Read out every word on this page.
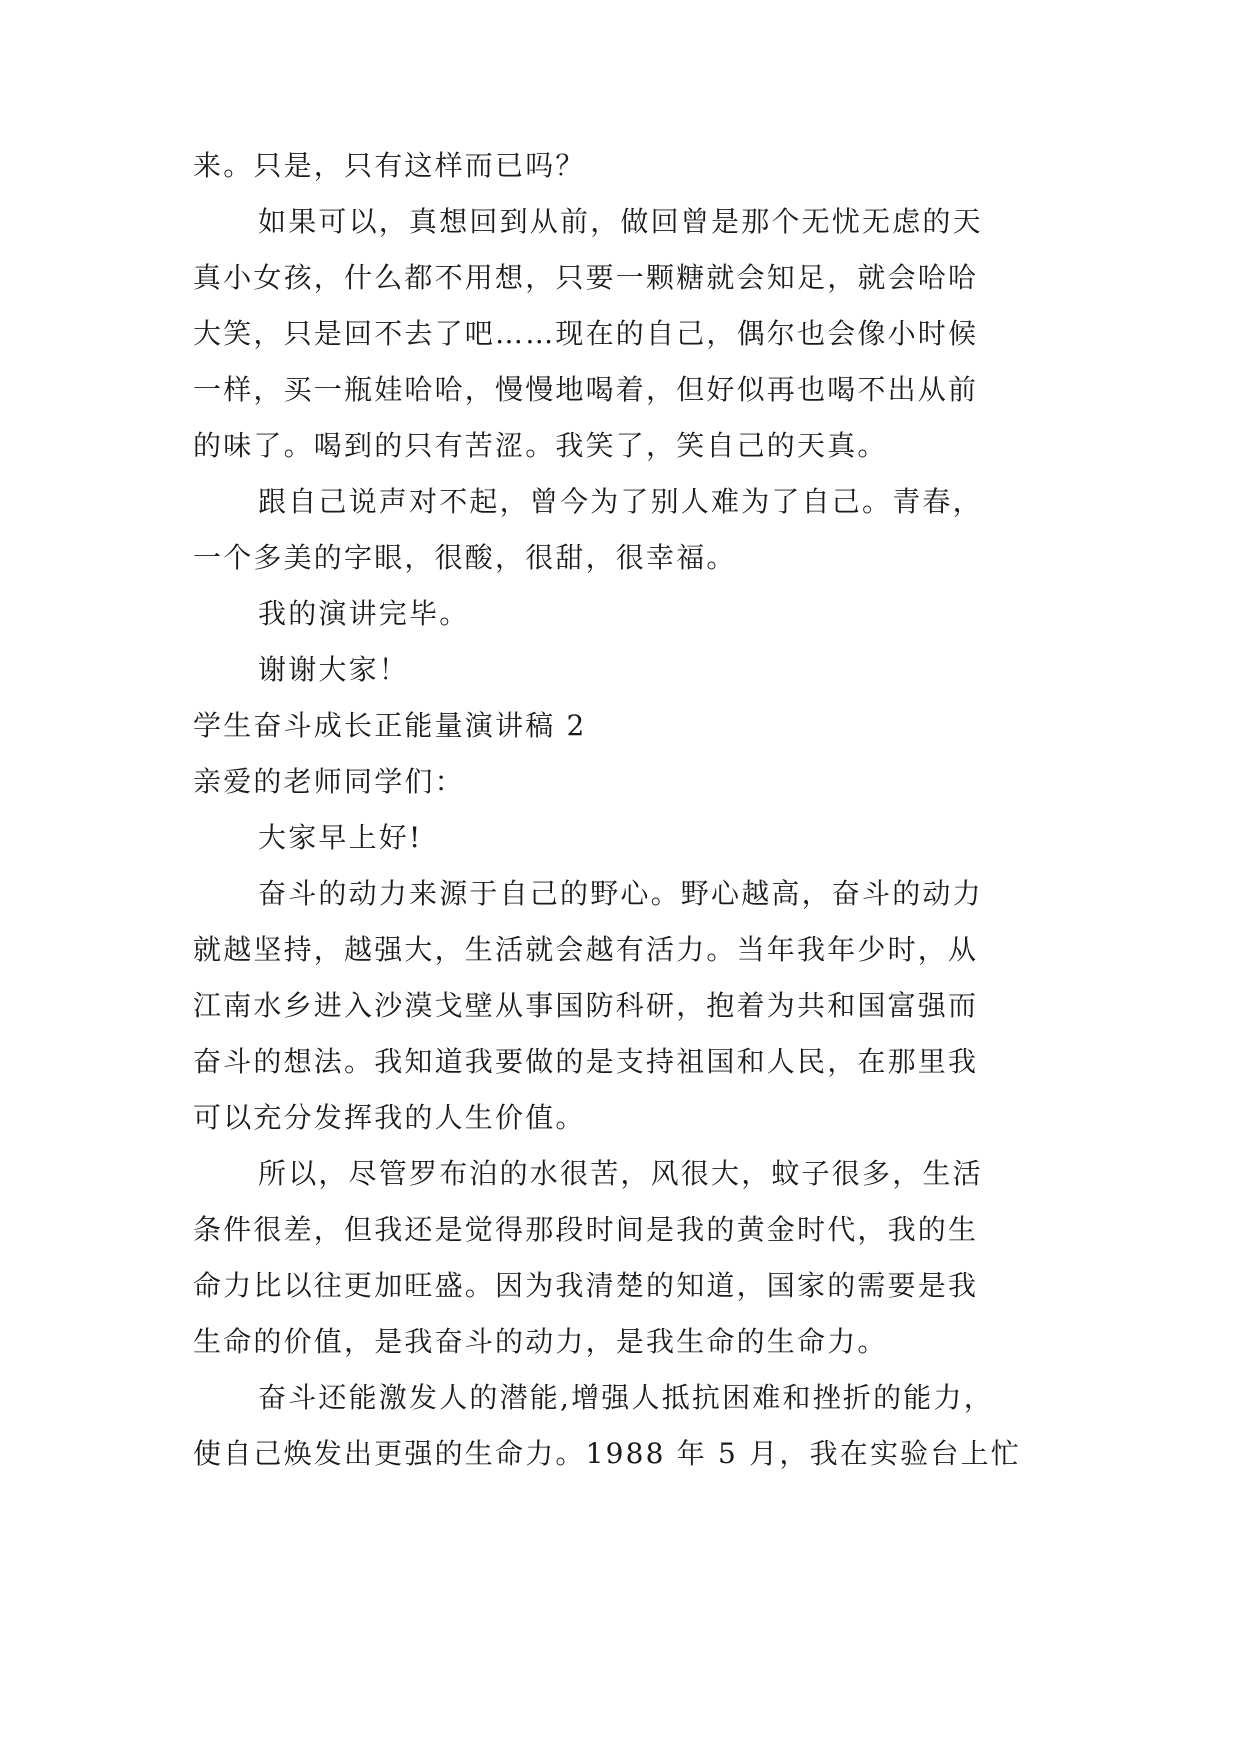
来。只是，只有这样而已吗？
如果可以，真想回到从前，做回曾是那个无忧无虑的天
真小女孩，什么都不用想，只要一颗糖就会知足，就会哈哈
大笑，只是回不去了吧……现在的自己，偶尔也会像小时候
一样，买一瓶娃哈哈，慢慢地喝着，但好似再也喝不出从前
的味了。喝到的只有苦涩。我笑了，笑自己的天真。
跟自己说声对不起，曾今为了别人难为了自己。青春，
一个多美的字眼，很酸，很甜，很幸福。
我的演讲完毕。
谢谢大家！
学生奋斗成长正能量演讲稿 2
亲爱的老师同学们：
大家早上好!
奋斗的动力来源于自己的野心。野心越高，奋斗的动力
就越坚持，越强大，生活就会越有活力。当年我年少时，从
江南水乡进入沙漠戈壁从事国防科研，抱着为共和国富强而
奋斗的想法。我知道我要做的是支持祖国和人民，在那里我
可以充分发挥我的人生价值。
所以，尽管罗布泊的水很苦，风很大，蚊子很多，生活
条件很差，但我还是觉得那段时间是我的黄金时代，我的生
命力比以往更加旺盛。因为我清楚的知道，国家的需要是我
生命的价值，是我奋斗的动力，是我生命的生命力。
奋斗还能激发人的潜能,增强人抵抗困难和挫折的能力，
使自己焕发出更强的生命力。1988 年 5 月，我在实验台上忙
